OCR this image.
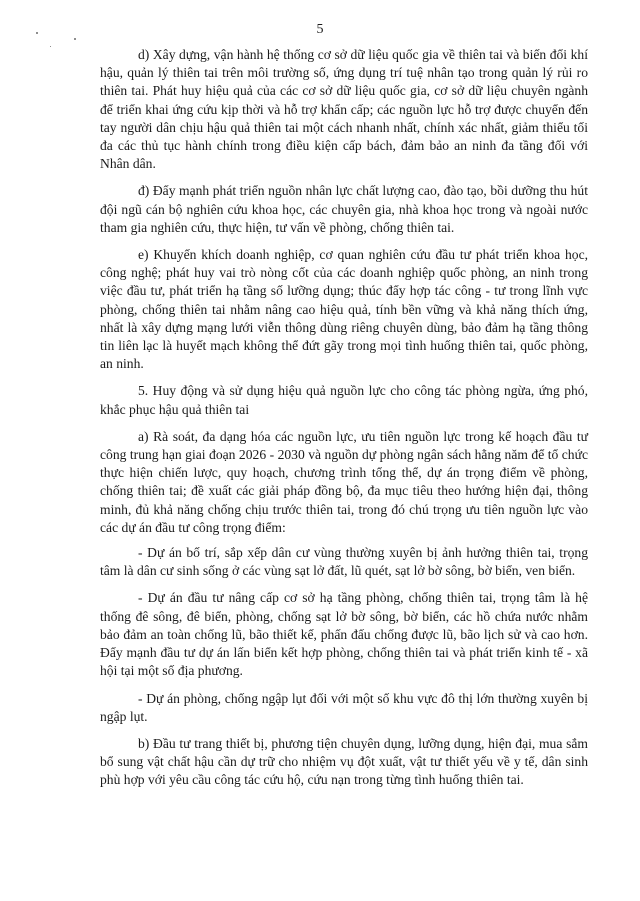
5

d) Xây dựng, vận hành hệ thống cơ sở dữ liệu quốc gia về thiên tai và biến đổi khí hậu, quản lý thiên tai trên môi trường số, ứng dụng trí tuệ nhân tạo trong quản lý rủi ro thiên tai. Phát huy hiệu quả của các cơ sở dữ liệu quốc gia, cơ sở dữ liệu chuyên ngành để triển khai ứng cứu kịp thời và hỗ trợ khẩn cấp; các nguồn lực hỗ trợ được chuyển đến tay người dân chịu hậu quả thiên tai một cách nhanh nhất, chính xác nhất, giảm thiểu tối đa các thủ tục hành chính trong điều kiện cấp bách, đảm bảo an ninh đa tầng đối với Nhân dân.

đ) Đẩy mạnh phát triển nguồn nhân lực chất lượng cao, đào tạo, bồi dưỡng thu hút đội ngũ cán bộ nghiên cứu khoa học, các chuyên gia, nhà khoa học trong và ngoài nước tham gia nghiên cứu, thực hiện, tư vấn về phòng, chống thiên tai.

e) Khuyến khích doanh nghiệp, cơ quan nghiên cứu đầu tư phát triển khoa học, công nghệ; phát huy vai trò nòng cốt của các doanh nghiệp quốc phòng, an ninh trong việc đầu tư, phát triển hạ tầng số lưỡng dụng; thúc đẩy hợp tác công - tư trong lĩnh vực phòng, chống thiên tai nhằm nâng cao hiệu quả, tính bền vững và khả năng thích ứng, nhất là xây dựng mạng lưới viễn thông dùng riêng chuyên dùng, bảo đảm hạ tầng thông tin liên lạc là huyết mạch không thể đứt gãy trong mọi tình huống thiên tai, quốc phòng, an ninh.

5. Huy động và sử dụng hiệu quả nguồn lực cho công tác phòng ngừa, ứng phó, khắc phục hậu quả thiên tai

a) Rà soát, đa dạng hóa các nguồn lực, ưu tiên nguồn lực trong kế hoạch đầu tư công trung hạn giai đoạn 2026 - 2030 và nguồn dự phòng ngân sách hằng năm để tổ chức thực hiện chiến lược, quy hoạch, chương trình tổng thể, dự án trọng điểm về phòng, chống thiên tai; đề xuất các giải pháp đồng bộ, đa mục tiêu theo hướng hiện đại, thông minh, đủ khả năng chống chịu trước thiên tai, trong đó chú trọng ưu tiên nguồn lực vào các dự án đầu tư công trọng điểm:

- Dự án bố trí, sắp xếp dân cư vùng thường xuyên bị ảnh hưởng thiên tai, trọng tâm là dân cư sinh sống ở các vùng sạt lở đất, lũ quét, sạt lở bờ sông, bờ biển, ven biển.

- Dự án đầu tư nâng cấp cơ sở hạ tầng phòng, chống thiên tai, trọng tâm là hệ thống đê sông, đê biển, phòng, chống sạt lở bờ sông, bờ biển, các hồ chứa nước nhằm bảo đảm an toàn chống lũ, bão thiết kế, phấn đấu chống được lũ, bão lịch sử và cao hơn. Đẩy mạnh đầu tư dự án lấn biển kết hợp phòng, chống thiên tai và phát triển kinh tế - xã hội tại một số địa phương.

- Dự án phòng, chống ngập lụt đối với một số khu vực đô thị lớn thường xuyên bị ngập lụt.

b) Đầu tư trang thiết bị, phương tiện chuyên dụng, lưỡng dụng, hiện đại, mua sắm bổ sung vật chất hậu cần dự trữ cho nhiệm vụ đột xuất, vật tư thiết yếu về y tế, dân sinh phù hợp với yêu cầu công tác cứu hộ, cứu nạn trong từng tình huống thiên tai.
